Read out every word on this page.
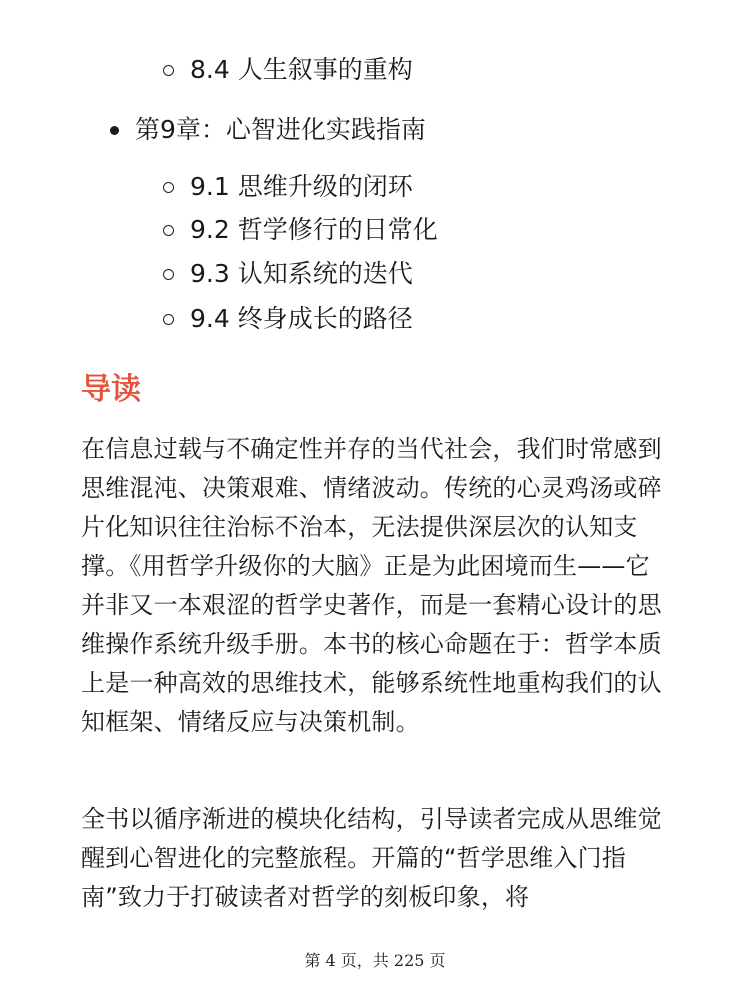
8.4 人生叙事的重构
第9章：心智进化实践指南
9.1 思维升级的闭环
9.2 哲学修行的日常化
9.3 认知系统的迭代
9.4 终身成长的路径
导读

在信息过载与不确定性并存的当代社会，我们时常感到思维混沌、决策艰难、情绪波动。传统的心灵鸡汤或碎片化知识往往治标不治本，无法提供深层次的认知支撑。《用哲学升级你的大脑》正是为此困境而生——它并非又一本艰涩的哲学史著作，而是一套精心设计的思维操作系统升级手册。本书的核心命题在于：哲学本质上是一种高效的思维技术，能够系统性地重构我们的认知框架、情绪反应与决策机制。

全书以循序渐进的模块化结构，引导读者完成从思维觉醒到心智进化的完整旅程。开篇的“哲学思维入门指南”致力于打破读者对哲学的刻板印象，将

第 4 页，共 225 页
